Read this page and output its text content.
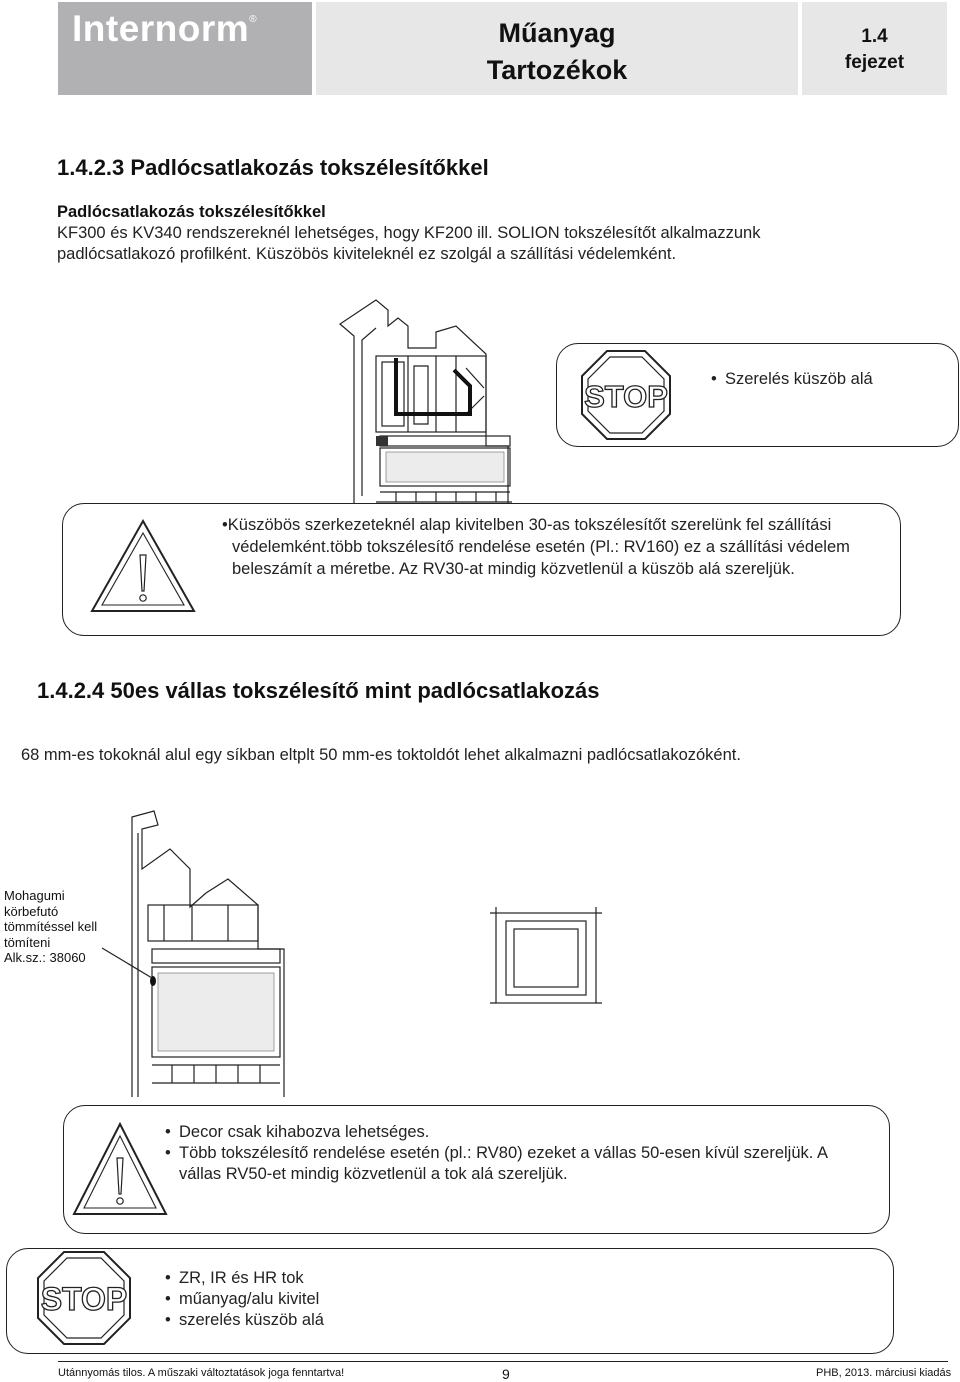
Internorm®	Műanyag
Tartozékok
1.4
fejezet
1.4.2.3 Padlócsatlakozás tokszélesítőkkel
Padlócsatlakozás tokszélesítőkkel
KF300 és KV340 rendszereknél lehetséges, hogy KF200 ill. SOLION tokszélesítőt alkalmazzunk
padlócsatlakozó profilként. Küszöbös kiviteleknél ez szolgál a szállítási védelemként.
STOP
•	Szerelés küszöb alá
•Küszöbös szerkezeteknél alap kivitelben 30-as tokszélesítőt szerelünk fel szállítási
védelemként.több tokszélesítő rendelése esetén (Pl.: RV160) ez a szállítási védelem
beleszámít a méretbe. Az RV30-at mindig közvetlenül a küszöb alá szereljük.
1.4.2.4 50es vállas tokszélesítő mint padlócsatlakozás
68 mm-es tokoknál alul egy síkban eltplt 50 mm-es toktoldót lehet alkalmazni padlócsatlakozóként.
Mohagumi
körbefutó
tömmítéssel kell
tömíteni
Alk.sz.: 38060
• Decor csak kihabozva lehetséges.
• Több tokszélesítő rendelése esetén (pl.: RV80) ezeket a vállas 50-esen kívül szereljük. A vállas RV50-et mindig közvetlenül a tok alá szereljük.
STOP
• ZR, IR és HR tok
• műanyag/alu kivitel
• szerelés küszöb alá
Utánnyomás tilos. A műszaki változtatások joga fenntartva!	9	PHB, 2013. márciusi kiadás
